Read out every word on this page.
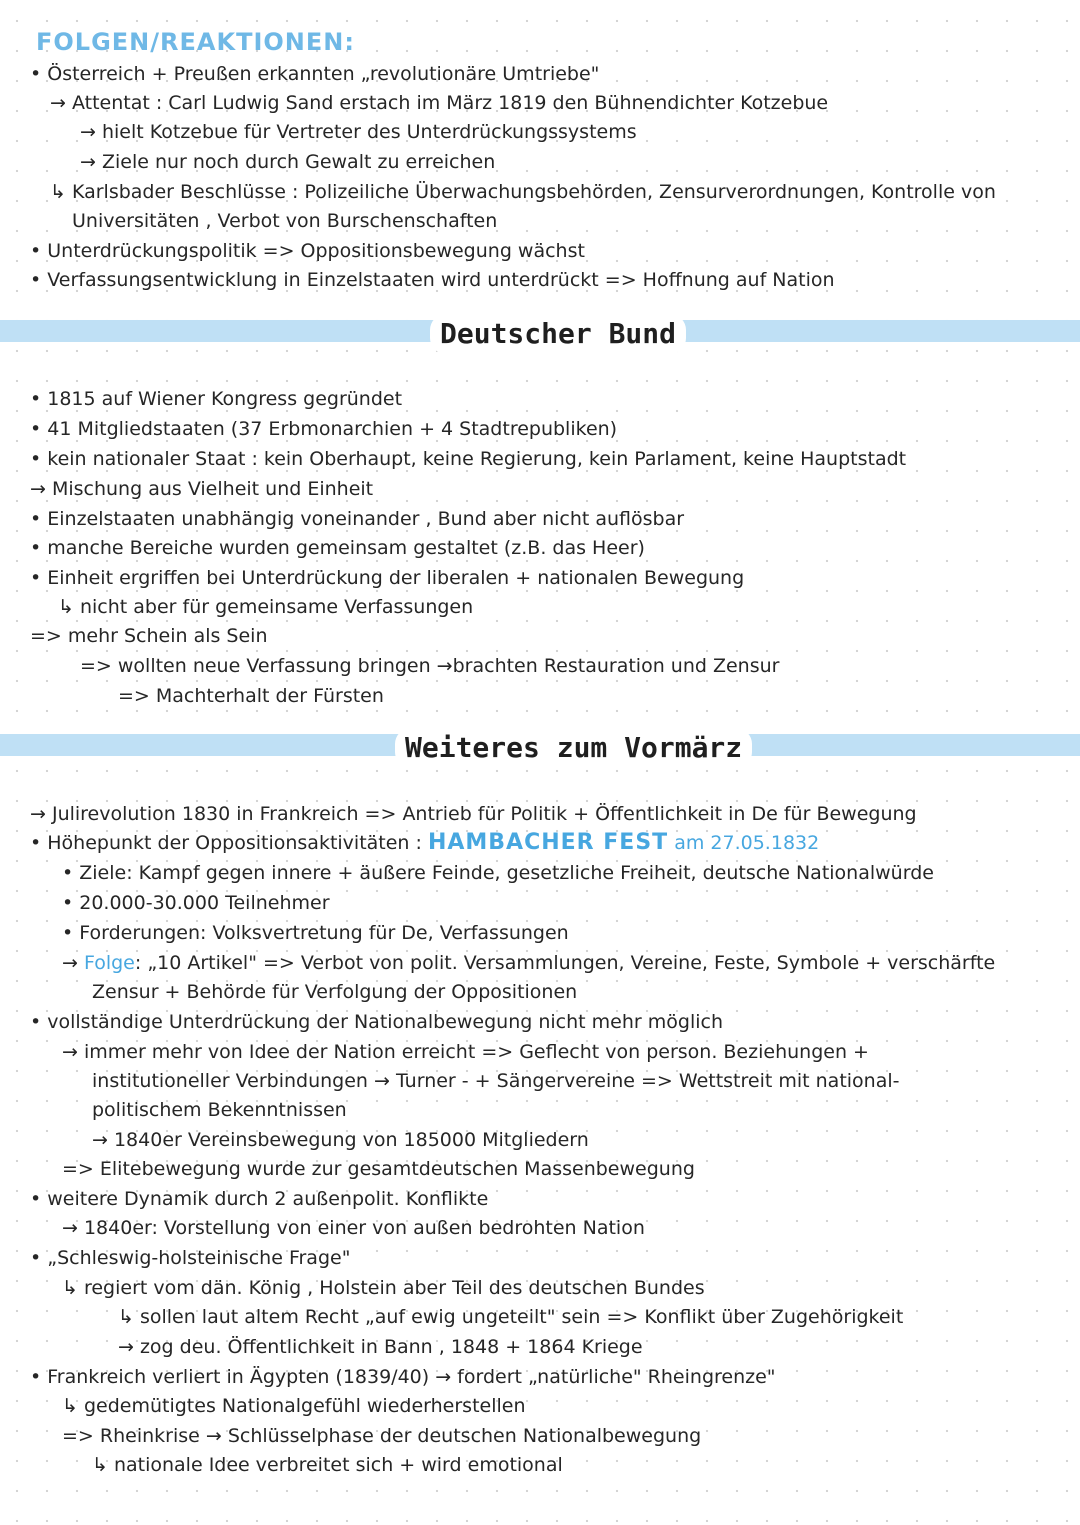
FOLGEN/REAKTIONEN:
• Österreich + Preußen erkannten „revolutionäre Umtriebe"
→ Attentat : Carl Ludwig Sand erstach im März 1819 den Bühnendichter Kotzebue
→ hielt Kotzebue für Vertreter des Unterdrückungssystems
→ Ziele nur noch durch Gewalt zu erreichen
↳ Karlsbader Beschlüsse : Polizeiliche Überwachungsbehörden, Zensurverordnungen, Kontrolle von
Universitäten , Verbot von Burschenschaften
• Unterdrückungspolitik => Oppositionsbewegung wächst
• Verfassungsentwicklung in Einzelstaaten wird unterdrückt => Hoffnung auf Nation
Deutscher Bund
• 1815 auf Wiener Kongress gegründet
• 41 Mitgliedstaaten (37 Erbmonarchien + 4 Stadtrepubliken)
• kein nationaler Staat : kein Oberhaupt, keine Regierung, kein Parlament, keine Hauptstadt
→ Mischung aus Vielheit und Einheit
• Einzelstaaten unabhängig voneinander , Bund aber nicht auflösbar
• manche Bereiche wurden gemeinsam gestaltet (z.B. das Heer)
• Einheit ergriffen bei Unterdrückung der liberalen + nationalen Bewegung
↳ nicht aber für gemeinsame Verfassungen
=> mehr Schein als Sein
=> wollten neue Verfassung bringen →brachten Restauration und Zensur
=> Machterhalt der Fürsten
Weiteres zum Vormärz
→ Julirevolution 1830 in Frankreich => Antrieb für Politik + Öffentlichkeit in De für Bewegung
• Höhepunkt der Oppositionsaktivitäten : HAMBACHER FEST am 27.05.1832
• Ziele: Kampf gegen innere + äußere Feinde, gesetzliche Freiheit, deutsche Nationalwürde
• 20.000-30.000 Teilnehmer
• Forderungen: Volksvertretung für De, Verfassungen
→ Folge: „10 Artikel" => Verbot von polit. Versammlungen, Vereine, Feste, Symbole + verschärfte
Zensur + Behörde für Verfolgung der Oppositionen
• vollständige Unterdrückung der Nationalbewegung nicht mehr möglich
→ immer mehr von Idee der Nation erreicht => Geflecht von person. Beziehungen +
institutioneller Verbindungen → Turner - + Sängervereine => Wettstreit mit national-
politischem Bekenntnissen
→ 1840er Vereinsbewegung von 185000 Mitgliedern
=> Elitebewegung wurde zur gesamtdeutschen Massenbewegung
• weitere Dynamik durch 2 außenpolit. Konflikte
→ 1840er: Vorstellung von einer von außen bedrohten Nation
• „Schleswig-holsteinische Frage"
↳ regiert vom dän. König , Holstein aber Teil des deutschen Bundes
↳ sollen laut altem Recht „auf ewig ungeteilt" sein => Konflikt über Zugehörigkeit
→ zog deu. Öffentlichkeit in Bann , 1848 + 1864 Kriege
• Frankreich verliert in Ägypten (1839/40) → fordert „natürliche" Rheingrenze"
↳ gedemütigtes Nationalgefühl wiederherstellen
=> Rheinkrise → Schlüsselphase der deutschen Nationalbewegung
↳ nationale Idee verbreitet sich + wird emotional
